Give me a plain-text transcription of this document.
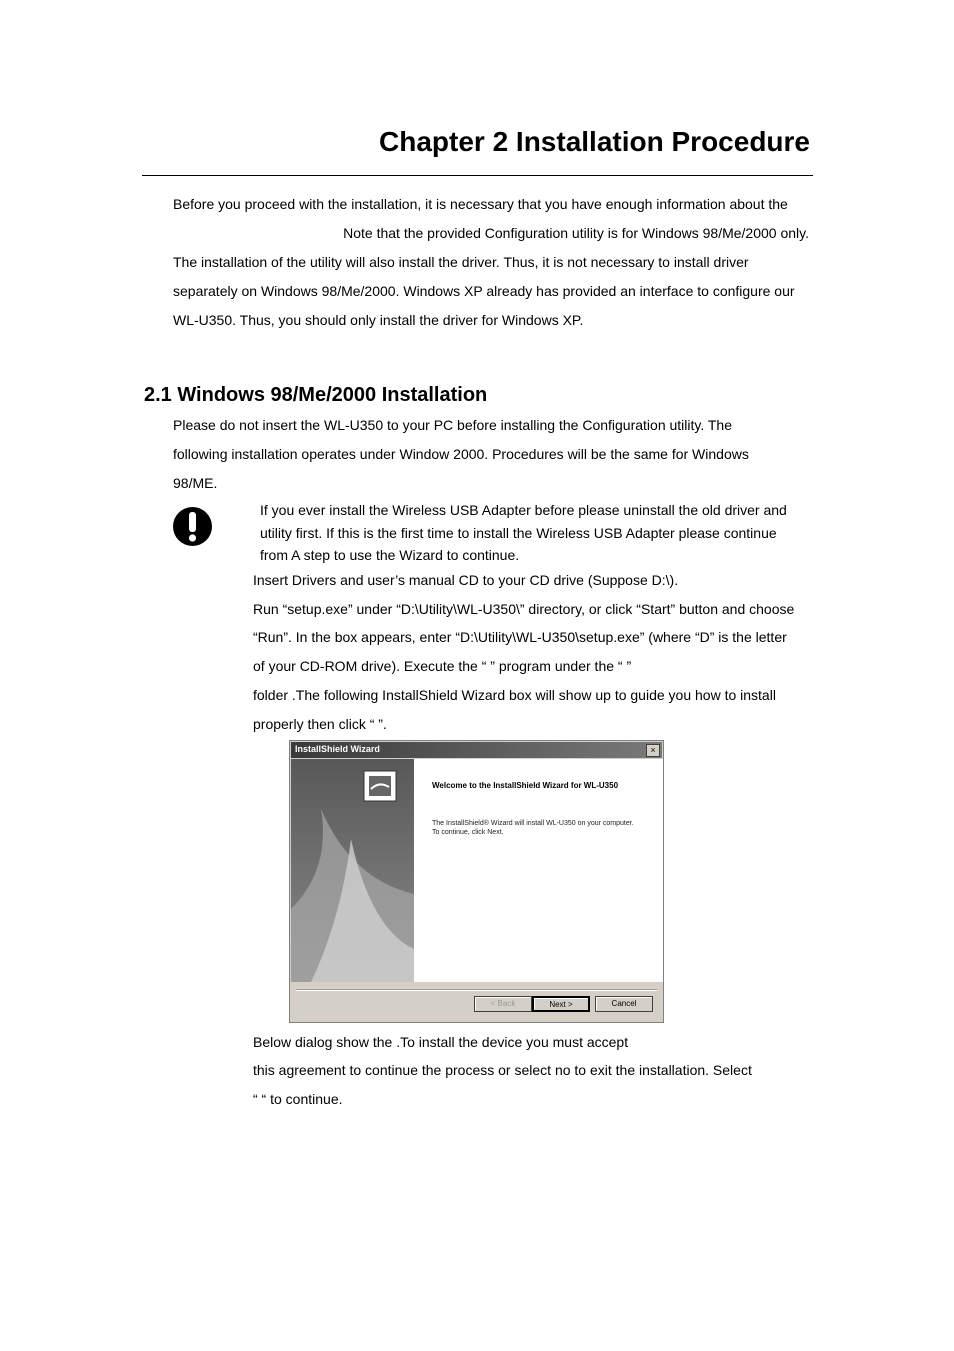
Chapter 2 Installation Procedure
Before you proceed with the installation, it is necessary that you have enough information about the
Note that the provided Configuration utility is for Windows 98/Me/2000 only.
The installation of the utility will also install the driver. Thus, it is not necessary to install driver
separately on Windows 98/Me/2000. Windows XP already has provided an interface to configure our
WL-U350. Thus, you should only install the driver for Windows XP.
2.1 Windows 98/Me/2000 Installation
Please do not insert the WL-U350 to your PC before installing the Configuration utility. The
following installation operates under Window 2000. Procedures will be the same for Windows
98/ME.
If you ever install the Wireless USB Adapter before please uninstall the old driver and
utility first. If this is the first time to install the Wireless USB Adapter please continue
from A step to use the Wizard to continue.
Insert Drivers and user’s manual CD to your CD drive (Suppose D:\).
Run “setup.exe” under “D:\Utility\WL-U350\” directory, or click “Start” button and choose
“Run”. In the box appears, enter “D:\Utility\WL-U350\setup.exe” (where “D” is the letter
of your CD-ROM drive). Execute the “ ” program under the “ ”
folder .The following InstallShield Wizard box will show up to guide you how to install
properly then click “ ”.
InstallShield Wizard	×
Welcome to the InstallShield Wizard for WL-U350
The InstallShield® Wizard will install WL-U350 on your computer. To continue, click Next.
< Back	Next >	Cancel
Below dialog show the .To install the device you must accept
this agreement to continue the process or select no to exit the installation. Select
“ “ to continue.
